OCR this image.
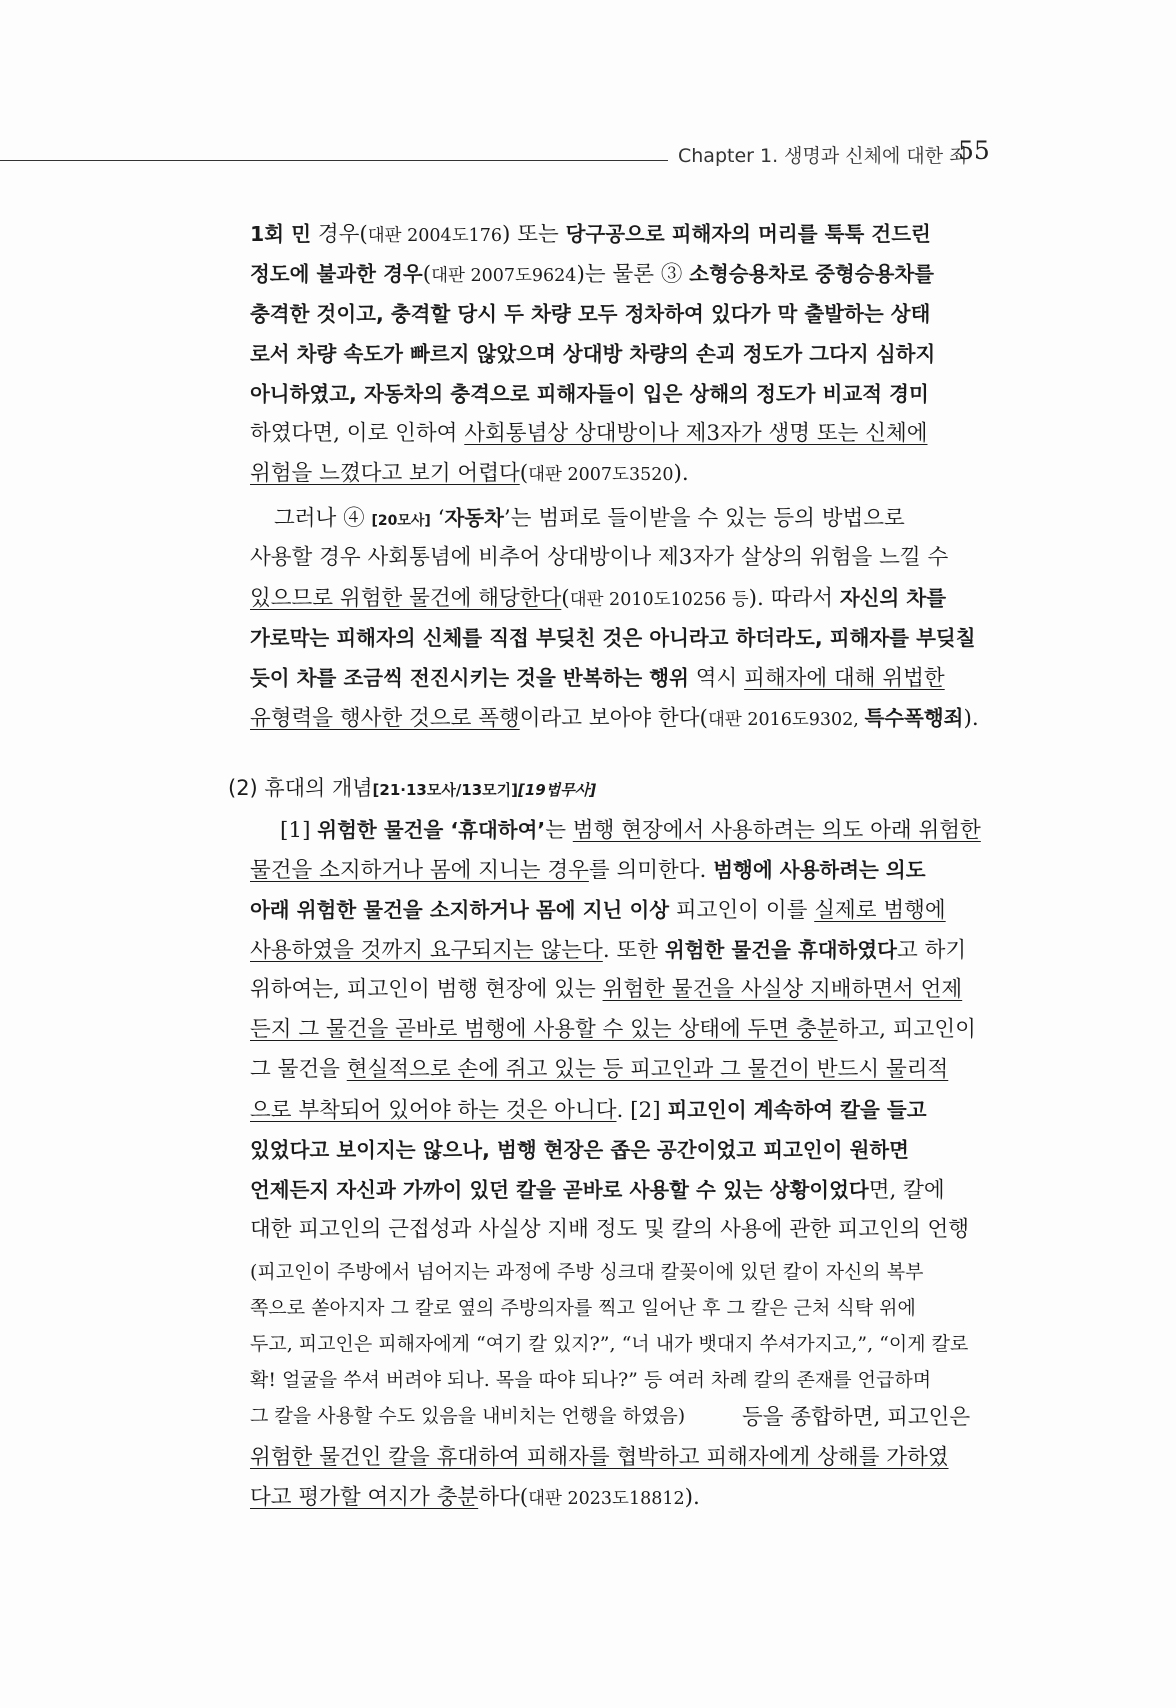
Chapter 1. 생명과 신체에 대한 죄
55
1회 민 경우(대판 2004도176) 또는 당구공으로 피해자의 머리를 툭툭 건드린
정도에 불과한 경우(대판 2007도9624)는 물론 ③ 소형승용차로 중형승용차를
충격한 것이고, 충격할 당시 두 차량 모두 정차하여 있다가 막 출발하는 상태
로서 차량 속도가 빠르지 않았으며 상대방 차량의 손괴 정도가 그다지 심하지
아니하였고, 자동차의 충격으로 피해자들이 입은 상해의 정도가 비교적 경미
하였다면, 이로 인하여 사회통념상 상대방이나 제3자가 생명 또는 신체에
위험을 느꼈다고 보기 어렵다(대판 2007도3520).
그러나 ④ [20모사] ‘자동차’는 범퍼로 들이받을 수 있는 등의 방법으로
사용할 경우 사회통념에 비추어 상대방이나 제3자가 살상의 위험을 느낄 수
있으므로 위험한 물건에 해당한다(대판 2010도10256 등). 따라서 자신의 차를
가로막는 피해자의 신체를 직접 부딪친 것은 아니라고 하더라도, 피해자를 부딪칠
듯이 차를 조금씩 전진시키는 것을 반복하는 행위 역시 피해자에 대해 위법한
유형력을 행사한 것으로 폭행이라고 보아야 한다(대판 2016도9302, 특수폭행죄).
(2) 휴대의 개념[21·13모사/13모기][19법무사]
[1] 위험한 물건을 ‘휴대하여’는 범행 현장에서 사용하려는 의도 아래 위험한
물건을 소지하거나 몸에 지니는 경우를 의미한다. 범행에 사용하려는 의도
아래 위험한 물건을 소지하거나 몸에 지닌 이상 피고인이 이를 실제로 범행에
사용하였을 것까지 요구되지는 않는다. 또한 위험한 물건을 휴대하였다고 하기
위하여는, 피고인이 범행 현장에 있는 위험한 물건을 사실상 지배하면서 언제
든지 그 물건을 곧바로 범행에 사용할 수 있는 상태에 두면 충분하고, 피고인이
그 물건을 현실적으로 손에 쥐고 있는 등 피고인과 그 물건이 반드시 물리적
으로 부착되어 있어야 하는 것은 아니다. [2] 피고인이 계속하여 칼을 들고
있었다고 보이지는 않으나, 범행 현장은 좁은 공간이었고 피고인이 원하면
언제든지 자신과 가까이 있던 칼을 곧바로 사용할 수 있는 상황이었다면, 칼에
대한 피고인의 근접성과 사실상 지배 정도 및 칼의 사용에 관한 피고인의 언행
(피고인이 주방에서 넘어지는 과정에 주방 싱크대 칼꽂이에 있던 칼이 자신의 복부
쪽으로 쏟아지자 그 칼로 옆의 주방의자를 찍고 일어난 후 그 칼은 근처 식탁 위에
두고, 피고인은 피해자에게 “여기 칼 있지?”, “너 내가 뱃대지 쑤셔가지고,”, “이게 칼로
확! 얼굴을 쑤셔 버려야 되나. 목을 따야 되나?” 등 여러 차례 칼의 존재를 언급하며
그 칼을 사용할 수도 있음을 내비치는 언행을 하였음)	등을 종합하면, 피고인은
위험한 물건인 칼을 휴대하여 피해자를 협박하고 피해자에게 상해를 가하였
다고 평가할 여지가 충분하다(대판 2023도18812).
